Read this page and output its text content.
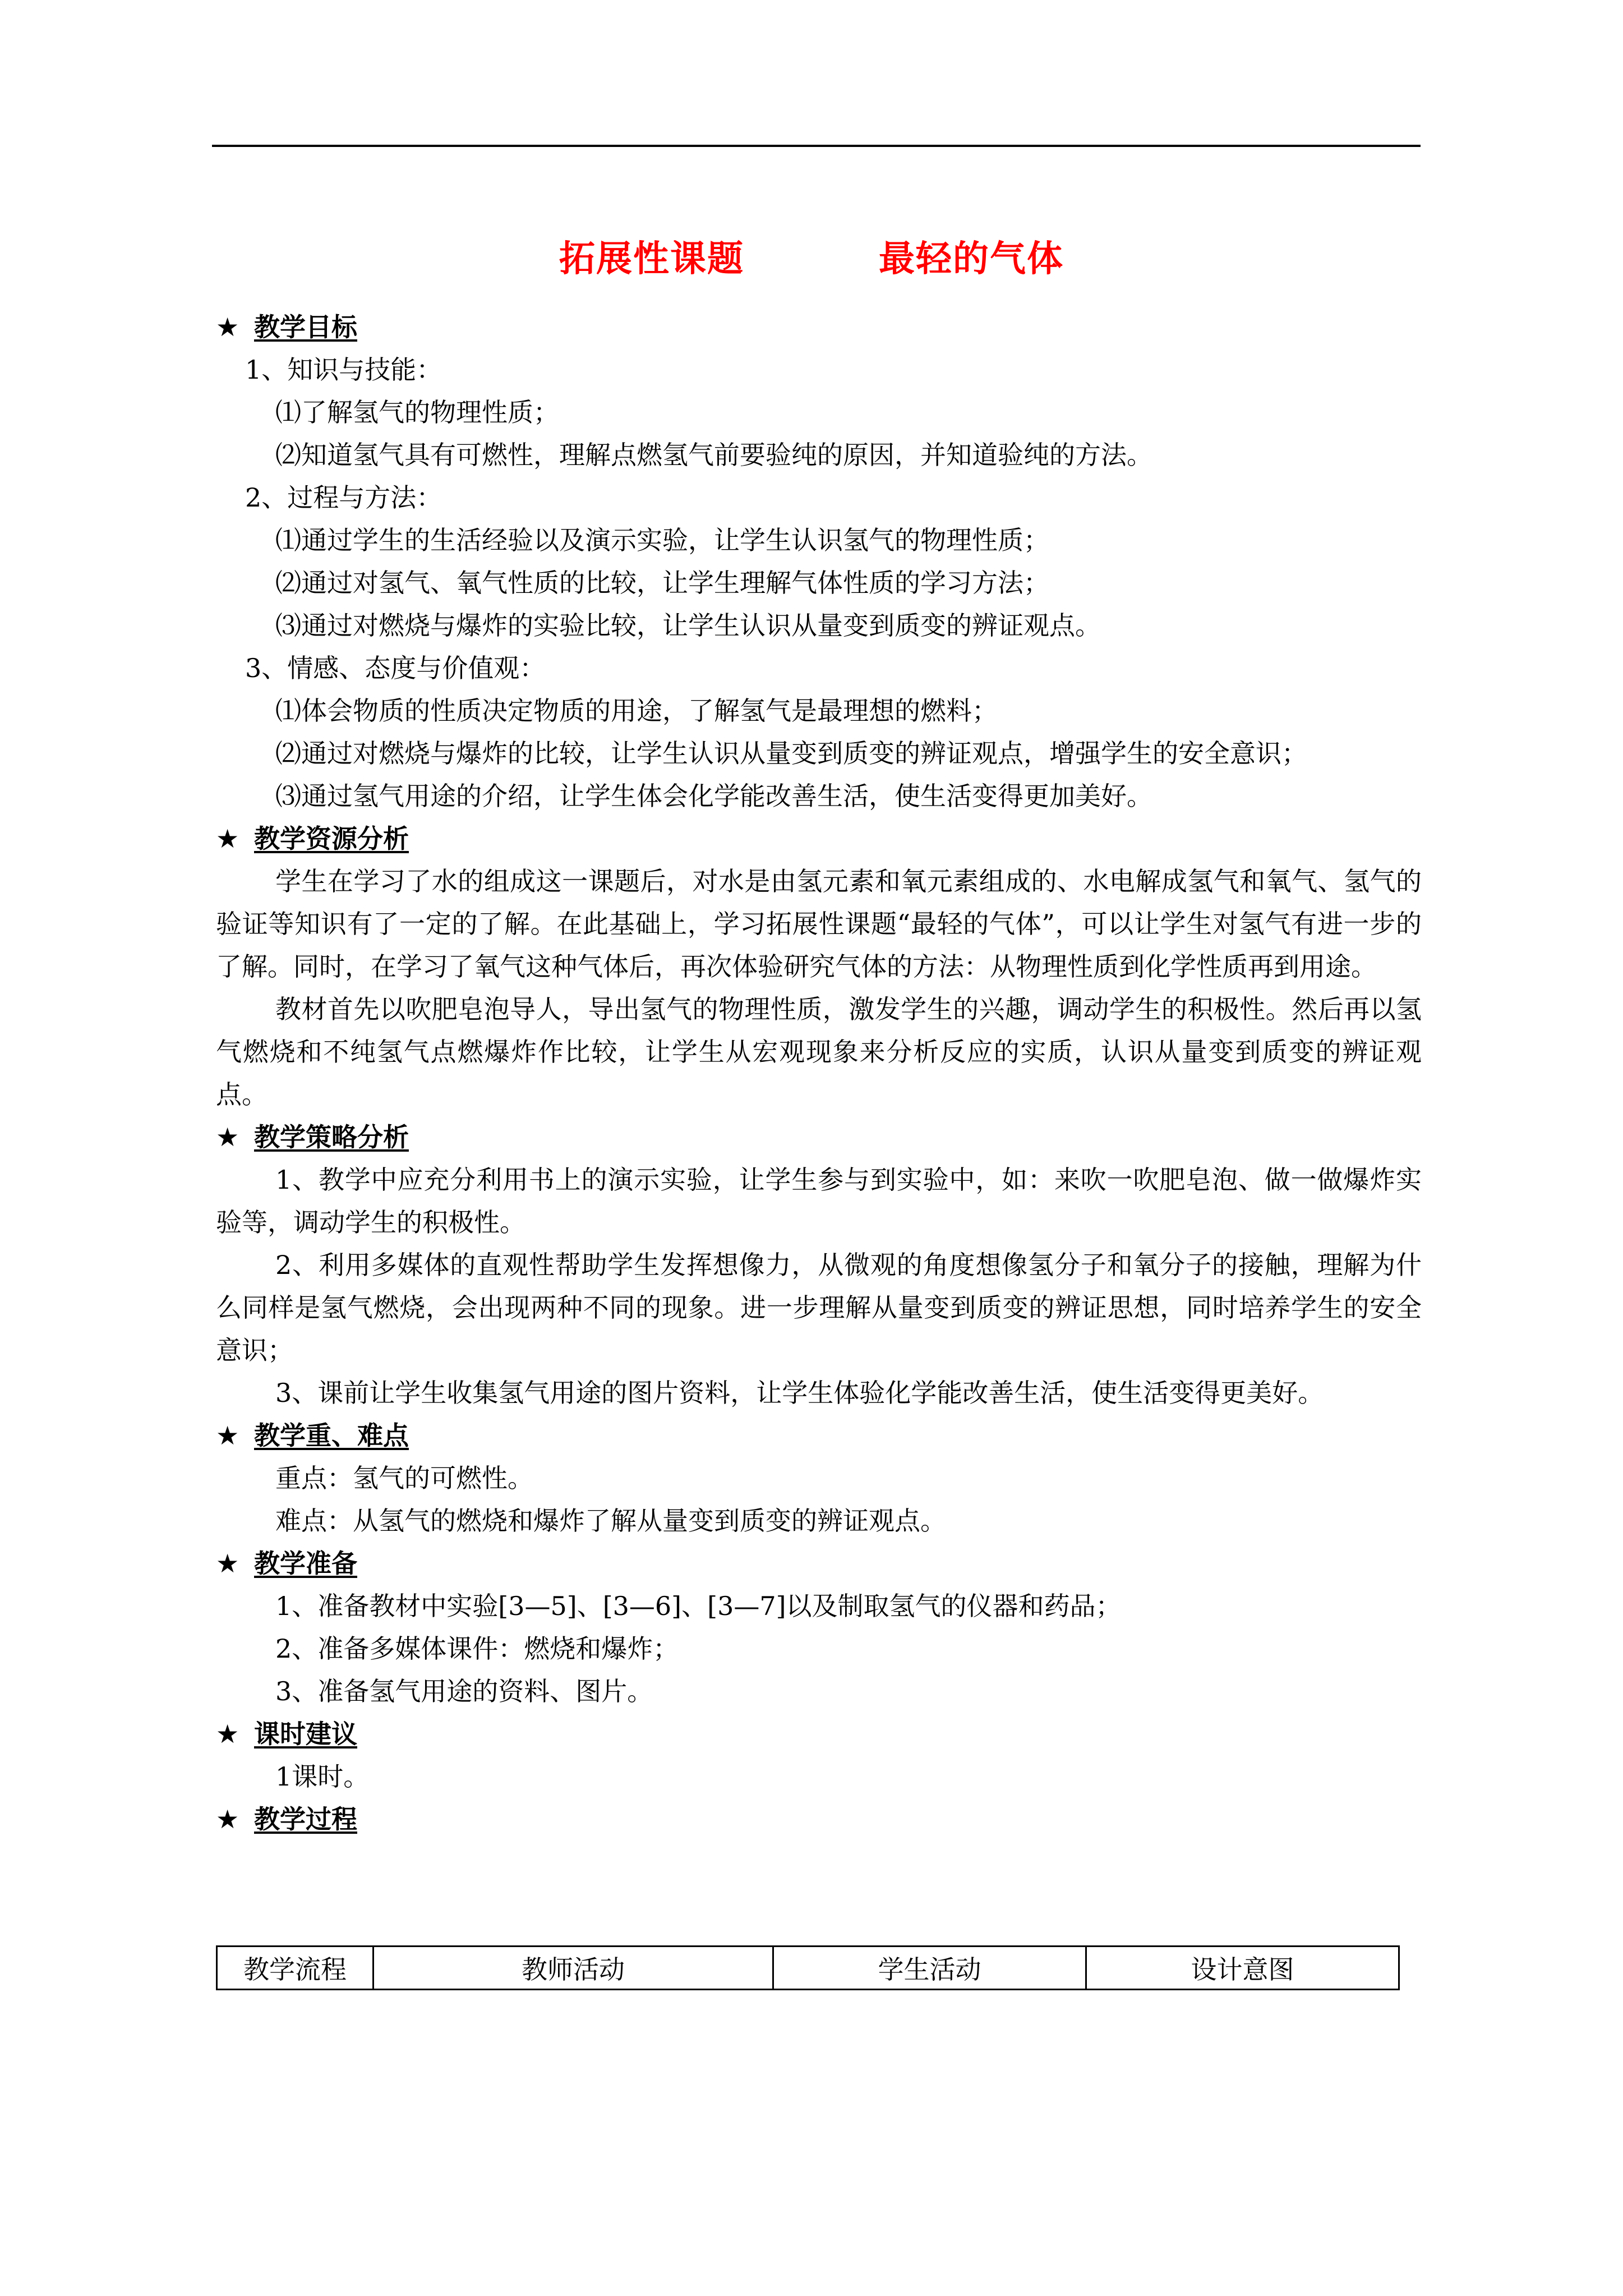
拓展性课题	最轻的气体
★ 教学目标
1、知识与技能：
⑴了解氢气的物理性质；
⑵知道氢气具有可燃性，理解点燃氢气前要验纯的原因，并知道验纯的方法。
2、过程与方法：
⑴通过学生的生活经验以及演示实验，让学生认识氢气的物理性质；
⑵通过对氢气、氧气性质的比较，让学生理解气体性质的学习方法；
⑶通过对燃烧与爆炸的实验比较，让学生认识从量变到质变的辨证观点。
3、情感、态度与价值观：
⑴体会物质的性质决定物质的用途，了解氢气是最理想的燃料；
⑵通过对燃烧与爆炸的比较，让学生认识从量变到质变的辨证观点，增强学生的安全意识；
⑶通过氢气用途的介绍，让学生体会化学能改善生活，使生活变得更加美好。
★ 教学资源分析
学生在学习了水的组成这一课题后，对水是由氢元素和氧元素组成的、水电解成氢气和氧气、氢气的验证等知识有了一定的了解。在此基础上，学习拓展性课题“最轻的气体”，可以让学生对氢气有进一步的了解。同时，在学习了氧气这种气体后，再次体验研究气体的方法：从物理性质到化学性质再到用途。
教材首先以吹肥皂泡导人，导出氢气的物理性质，激发学生的兴趣，调动学生的积极性。然后再以氢气燃烧和不纯氢气点燃爆炸作比较，让学生从宏观现象来分析反应的实质，认识从量变到质变的辨证观点。
★ 教学策略分析
1、教学中应充分利用书上的演示实验，让学生参与到实验中，如：来吹一吹肥皂泡、做一做爆炸实验等，调动学生的积极性。
2、利用多媒体的直观性帮助学生发挥想像力，从微观的角度想像氢分子和氧分子的接触，理解为什么同样是氢气燃烧，会出现两种不同的现象。进一步理解从量变到质变的辨证思想，同时培养学生的安全意识；
3、课前让学生收集氢气用途的图片资料，让学生体验化学能改善生活，使生活变得更美好。
★ 教学重、难点
重点：氢气的可燃性。
难点：从氢气的燃烧和爆炸了解从量变到质变的辨证观点。
★ 教学准备
1、准备教材中实验[3—5]、[3—6]、[3—7]以及制取氢气的仪器和药品；
2、准备多媒体课件：燃烧和爆炸；
3、准备氢气用途的资料、图片。
★ 课时建议
1课时。
★ 教学过程
教学流程	教师活动	学生活动	设计意图
